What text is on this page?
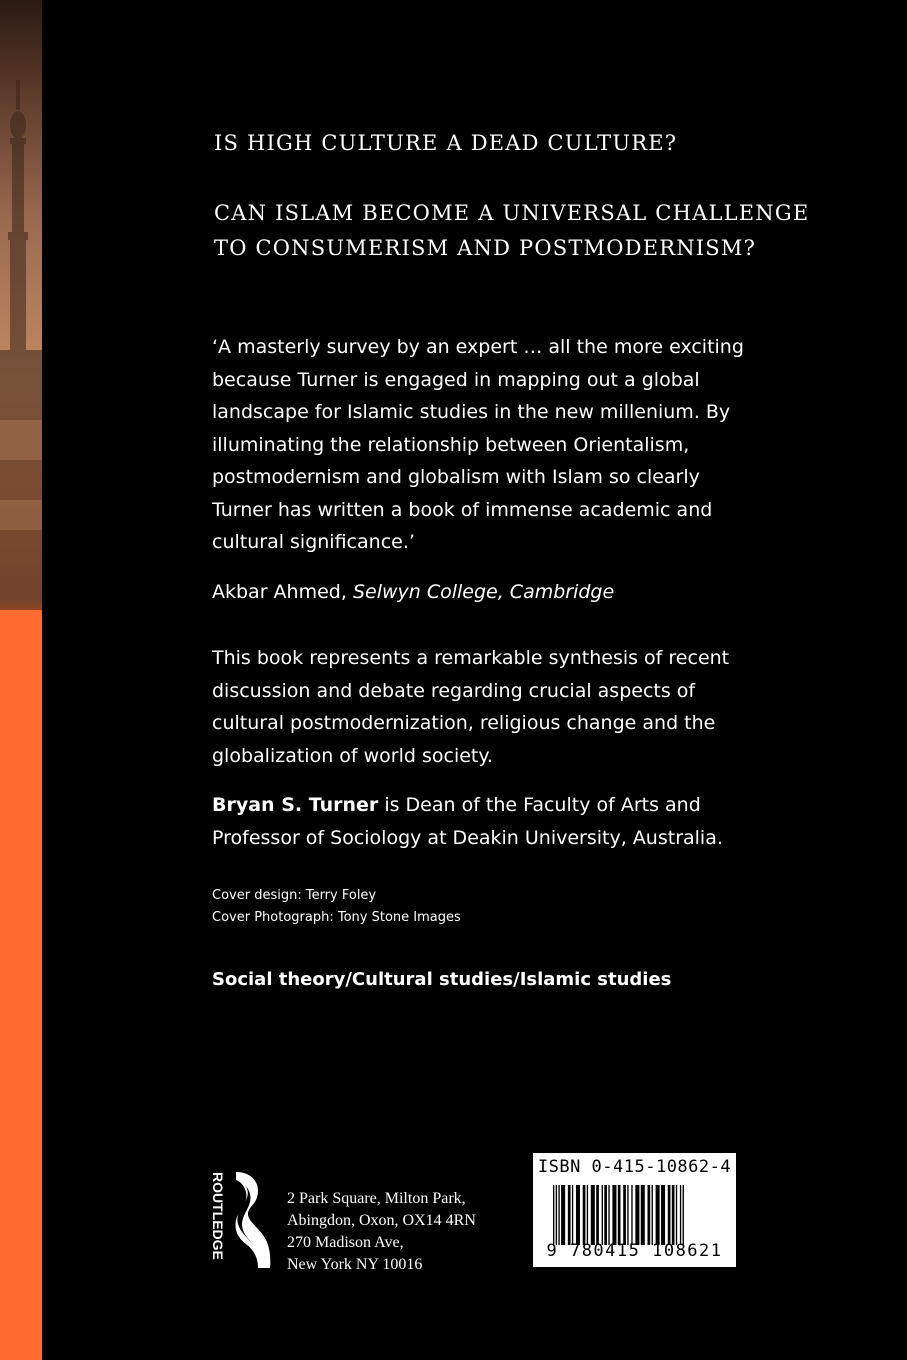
IS HIGH CULTURE A DEAD CULTURE?
CAN ISLAM BECOME A UNIVERSAL CHALLENGE
TO CONSUMERISM AND POSTMODERNISM?

‘A masterly survey by an expert … all the more exciting because Turner is engaged in mapping out a global landscape for Islamic studies in the new millenium. By illuminating the relationship between Orientalism, postmodernism and globalism with Islam so clearly Turner has written a book of immense academic and cultural significance.’

Akbar Ahmed, Selwyn College, Cambridge

This book represents a remarkable synthesis of recent discussion and debate regarding crucial aspects of cultural postmodernization, religious change and the globalization of world society.

Bryan S. Turner is Dean of the Faculty of Arts and Professor of Sociology at Deakin University, Australia.

Cover design: Terry Foley

Cover Photograph: Tony Stone Images

Social theory/Cultural studies/Islamic studies

ROUTLEDGE	2 Park Square, Milton Park,
Abingdon, Oxon, OX14 4RN
270 Madison Ave,
New York NY 10016
ISBN 0-415-10862-4
9 780415 108621
